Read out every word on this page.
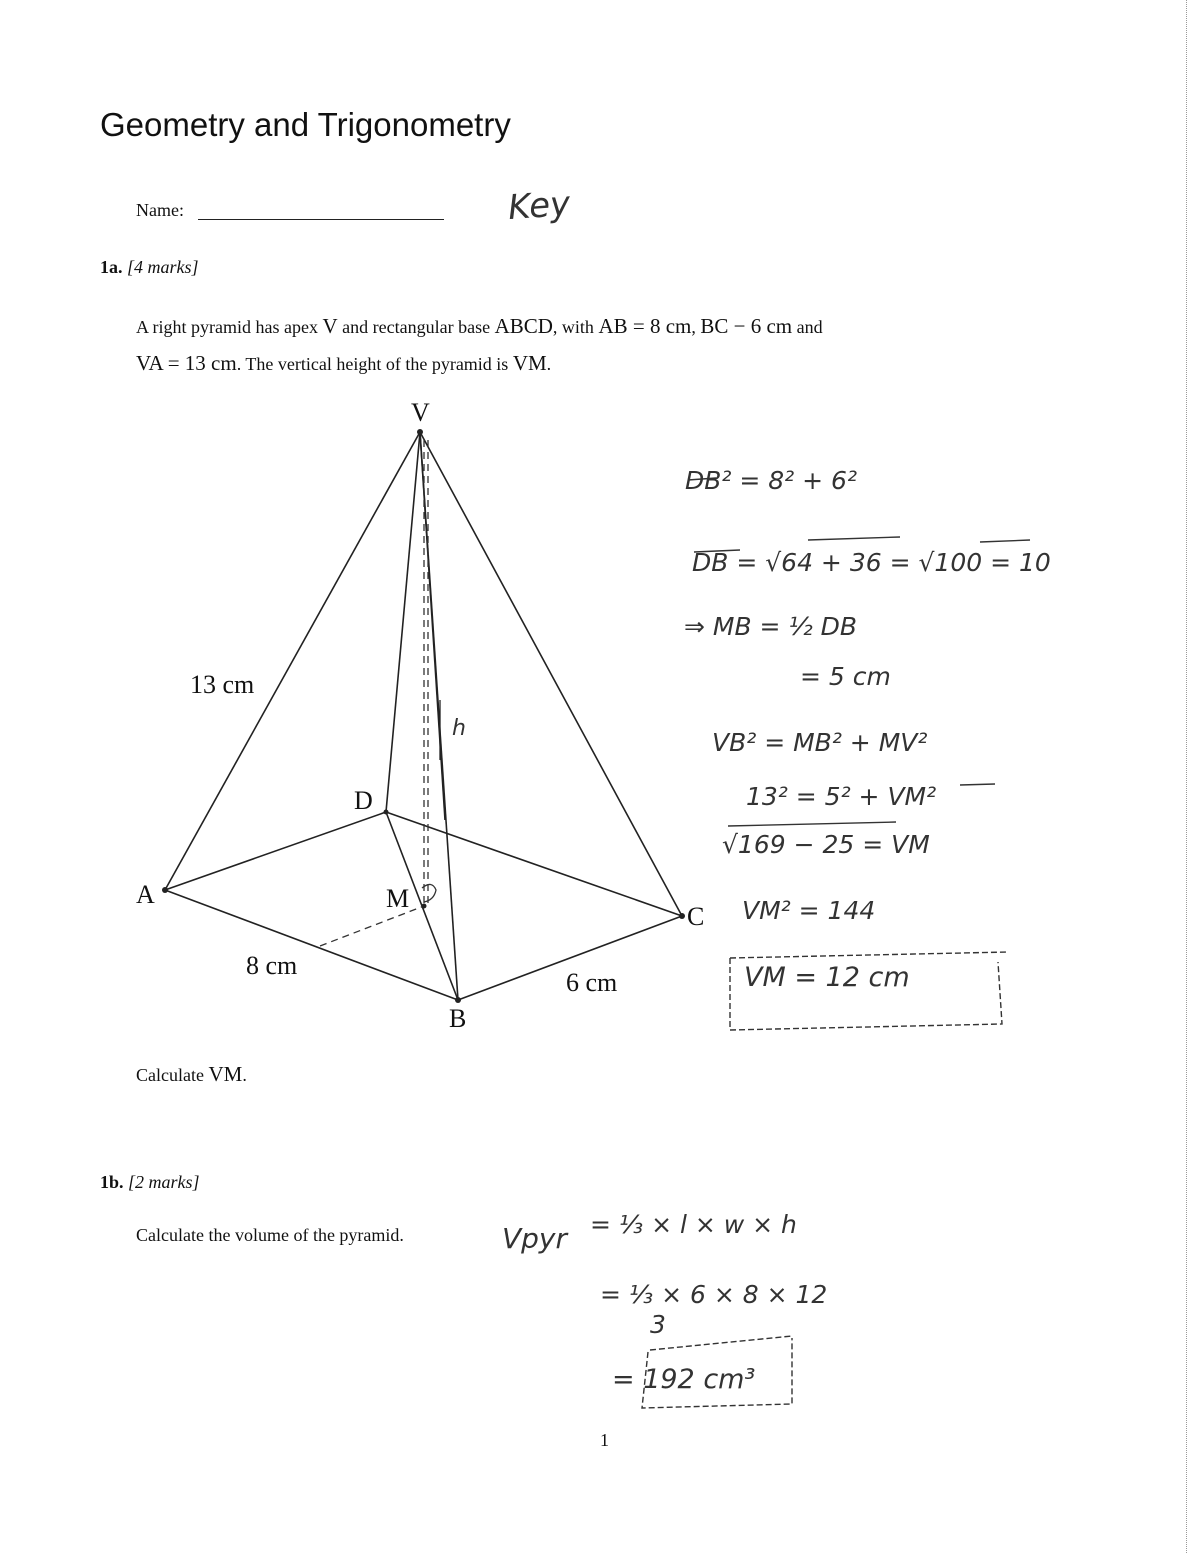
Geometry and Trigonometry
Name:	Key
1a. [4 marks]
A right pyramid has apex V and rectangular base ABCD, with AB = 8 cm, BC − 6 cm and
VA = 13 cm. The vertical height of the pyramid is VM.
V
A
B
C
D
M
13 cm
8 cm
6 cm
h
DB² = 8² + 6²
DB = √64 + 36 = √100 = 10
⇒ MB = ½ DB
= 5 cm
VB² = MB² + MV²
13² = 5² + VM²
√169 − 25 = VM
VM² = 144
VM = 12 cm
Calculate VM.
1b. [2 marks]
Calculate the volume of the pyramid.	Vpyr = ⅓ × l × w × h
= ⅓ × 6 × 8 × 12
3
= 192 cm³
1
